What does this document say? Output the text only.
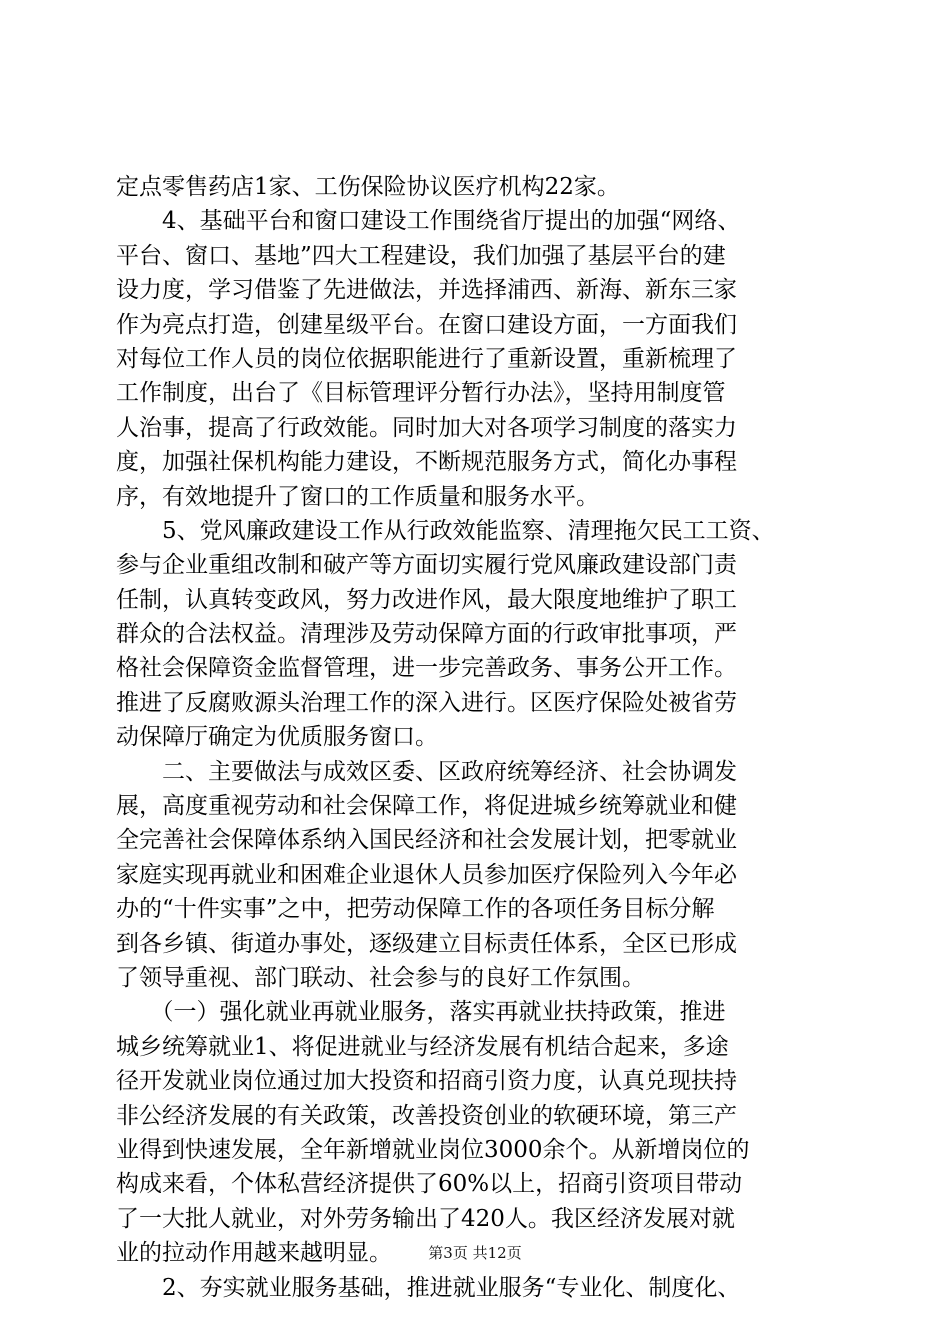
定点零售药店1家、工伤保险协议医疗机构22家。
　　4、基础平台和窗口建设工作围绕省厅提出的加强“网络、
平台、窗口、基地”四大工程建设，我们加强了基层平台的建
设力度，学习借鉴了先进做法，并选择浦西、新海、新东三家
作为亮点打造，创建星级平台。在窗口建设方面，一方面我们
对每位工作人员的岗位依据职能进行了重新设置，重新梳理了
工作制度，出台了《目标管理评分暂行办法》，坚持用制度管
人治事，提高了行政效能。同时加大对各项学习制度的落实力
度，加强社保机构能力建设，不断规范服务方式，简化办事程
序，有效地提升了窗口的工作质量和服务水平。
　　5、党风廉政建设工作从行政效能监察、清理拖欠民工工资、
参与企业重组改制和破产等方面切实履行党风廉政建设部门责
任制，认真转变政风，努力改进作风，最大限度地维护了职工
群众的合法权益。清理涉及劳动保障方面的行政审批事项，严
格社会保障资金监督管理，进一步完善政务、事务公开工作。
推进了反腐败源头治理工作的深入进行。区医疗保险处被省劳
动保障厅确定为优质服务窗口。
　　二、主要做法与成效区委、区政府统筹经济、社会协调发
展，高度重视劳动和社会保障工作，将促进城乡统筹就业和健
全完善社会保障体系纳入国民经济和社会发展计划，把零就业
家庭实现再就业和困难企业退休人员参加医疗保险列入今年必
办的“十件实事”之中，把劳动保障工作的各项任务目标分解
到各乡镇、街道办事处，逐级建立目标责任体系，全区已形成
了领导重视、部门联动、社会参与的良好工作氛围。
　　（一）强化就业再就业服务，落实再就业扶持政策，推进
城乡统筹就业1、将促进就业与经济发展有机结合起来，多途
径开发就业岗位通过加大投资和招商引资力度，认真兑现扶持
非公经济发展的有关政策，改善投资创业的软硬环境，第三产
业得到快速发展，全年新增就业岗位3000余个。从新增岗位的
构成来看，个体私营经济提供了60%以上，招商引资项目带动
了一大批人就业，对外劳务输出了420人。我区经济发展对就
业的拉动作用越来越明显。
　　2、夯实就业服务基础，推进就业服务“专业化、制度化、
第3页 共12页
